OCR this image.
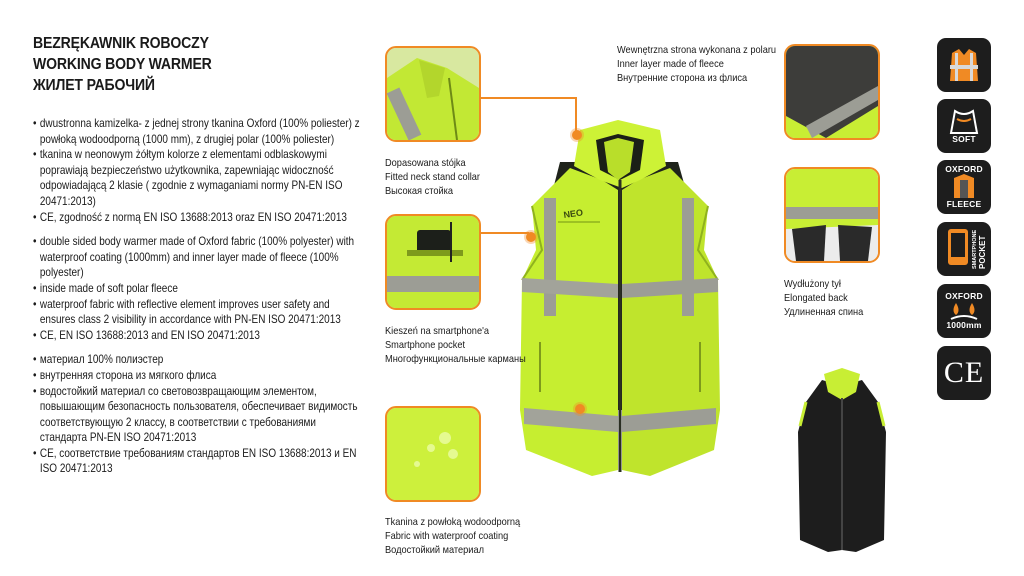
BEZRĘKAWNIK ROBOCZY
WORKING BODY WARMER
ЖИЛЕТ РАБОЧИЙ
• dwustronna kamizelka- z jednej strony tkanina Oxford (100% poliester) z powłoką wodoodporną (1000 mm), z drugiej polar (100% poliester)
• tkanina w neonowym żółtym kolorze z elementami odblaskowymi poprawiają bezpieczeństwo użytkownika, zapewniając widoczność odpowiadającą 2 klasie ( zgodnie z wymaganiami normy PN-EN ISO 20471:2013)
• CE, zgodność z normą EN ISO 13688:2013 oraz EN ISO 20471:2013
• double sided body warmer made of Oxford fabric (100% polyester) with waterproof coating (1000mm) and inner layer made of fleece (100% polyester)
• inside made of soft polar fleece
• waterproof fabric with reflective element improves user safety and ensures class 2 visibility in accordance with PN-EN ISO 20471:2013
• CE, EN ISO 13688:2013 and EN ISO 20471:2013
• материал 100% полиэстер
• внутренняя сторона из мягкого флиса
• водостойкий материал со световозвращающим элементом, повышающим безопасность пользователя, обеспечивает видимость соответствующую 2 классу, в соответствии с требованиями стандарта PN-EN ISO 20471:2013
• CE, соответствие требованиям стандартов EN ISO 13688:2013 и EN ISO 20471:2013
NEO
Dopasowana stójka
Fitted neck stand collar
Высокая стойка
Kieszeń na smartphone'a
Smartphone pocket
Многофункциональные карманы
Tkanina z powłoką wodoodporną
Fabric with waterproof coating
Водостойкий материал
Wewnętrzna strona wykonana z polaru
Inner layer made of fleece
Внутренние сторона из флиса
Wydłużony tył
Elongated back
Удлиненная спина
SOFT
OXFORD
FLEECE
SMARTPHONE POCKET
OXFORD
1000mm
CE
